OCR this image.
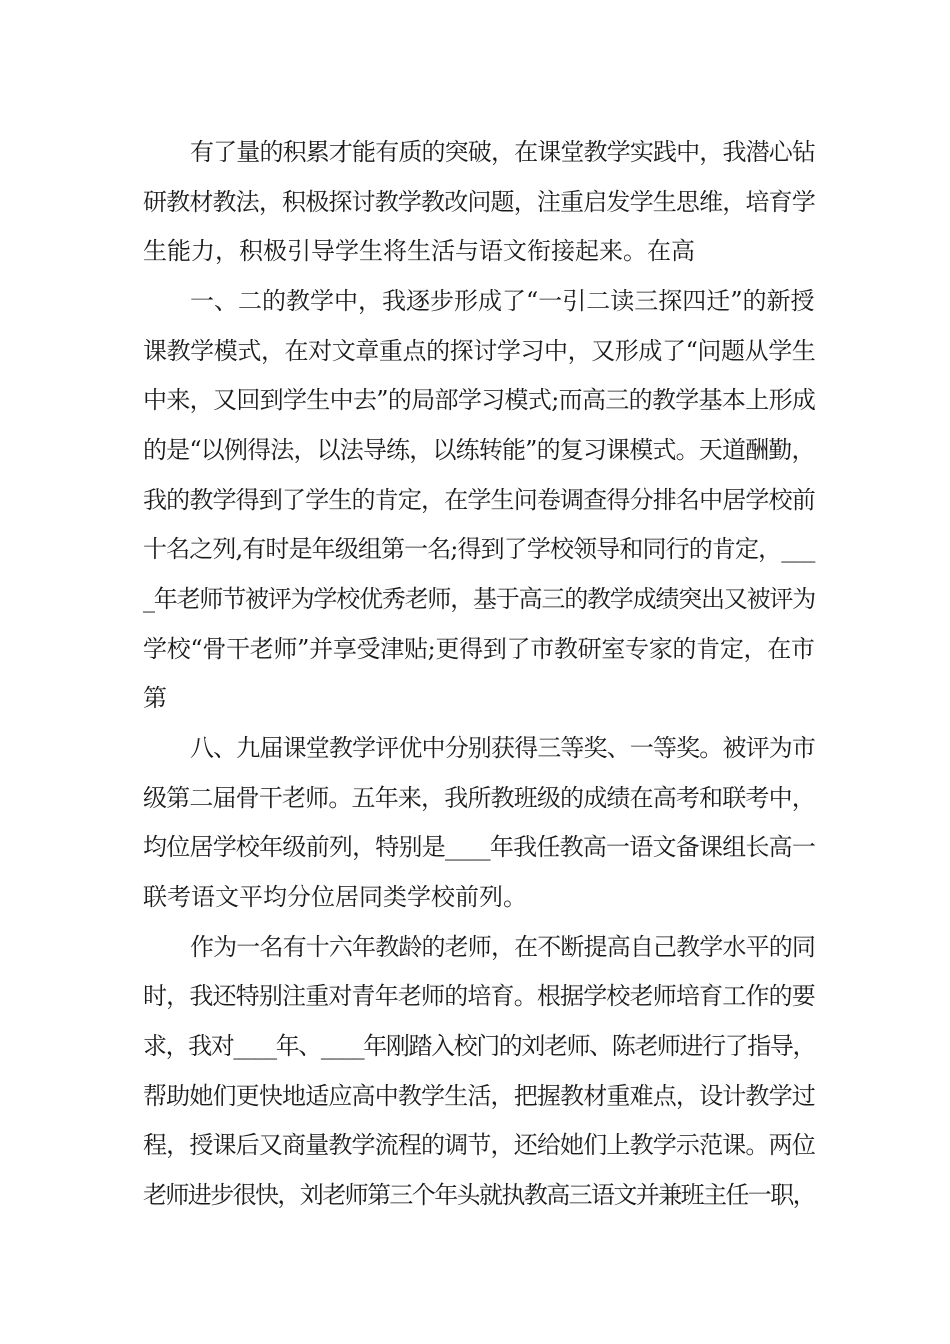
有了量的积累才能有质的突破，在课堂教学实践中，我潜心钻
研教材教法，积极探讨教学教改问题，注重启发学生思维，培育学
生能力，积极引导学生将生活与语文衔接起来。在高
一、二的教学中，我逐步形成了“一引二读三探四迁”的新授
课教学模式，在对文章重点的探讨学习中，又形成了“问题从学生
中来，又回到学生中去”的局部学习模式;而高三的教学基本上形成
的是“以例得法，以法导练，以练转能”的复习课模式。天道酬勤，
我的教学得到了学生的肯定，在学生问卷调查得分排名中居学校前
十名之列,有时是年级组第一名;得到了学校领导和同行的肯定，___
_年老师节被评为学校优秀老师，基于高三的教学成绩突出又被评为
学校“骨干老师”并享受津贴;更得到了市教研室专家的肯定，在市
第
八、九届课堂教学评优中分别获得三等奖、一等奖。被评为市
级第二届骨干老师。五年来，我所教班级的成绩在高考和联考中，
均位居学校年级前列，特别是____年我任教高一语文备课组长高一
联考语文平均分位居同类学校前列。
作为一名有十六年教龄的老师，在不断提高自己教学水平的同
时，我还特别注重对青年老师的培育。根据学校老师培育工作的要
求，我对____年、____年刚踏入校门的刘老师、陈老师进行了指导，
帮助她们更快地适应高中教学生活，把握教材重难点，设计教学过
程，授课后又商量教学流程的调节，还给她们上教学示范课。两位
老师进步很快，刘老师第三个年头就执教高三语文并兼班主任一职，
